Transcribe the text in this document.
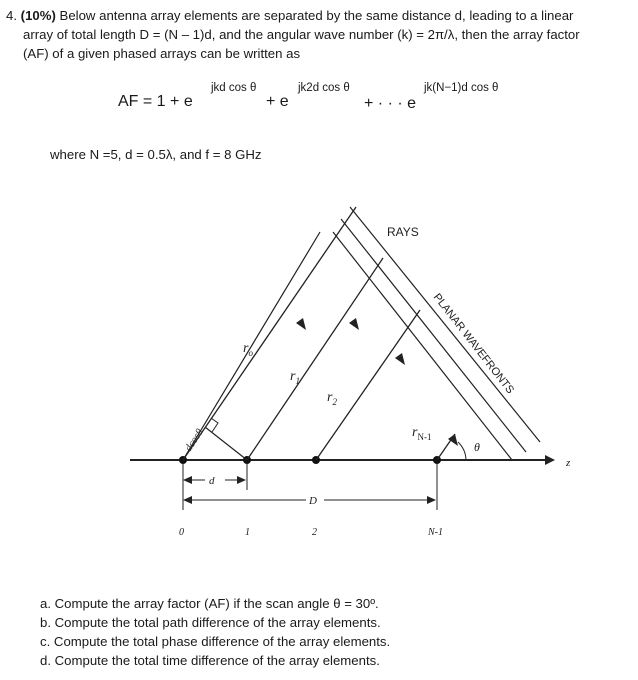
4. (10%) Below antenna array elements are separated by the same distance d, leading to a linear
array of total length D = (N – 1)d, and the angular wave number (k) = 2π/λ, then the array factor
(AF) of a given phased arrays can be written as
AF = 1 + e
jkd cos θ
+ e
jk2d cos θ
+ · · · e
jk(N−1)d cos θ
where N =5, d = 0.5λ, and f = 8 GHz
z
dcosθ	θ
d
D
0	1	2	N-1
$r_o$
$r_1$
$r_2$
$r_{N-1}$
RAYS
PLANAR WAVEFRONTS
a. Compute the array factor (AF) if the scan angle θ = 30º.
b. Compute the total path difference of the array elements.
c. Compute the total phase difference of the array elements.
d. Compute the total time difference of the array elements.
